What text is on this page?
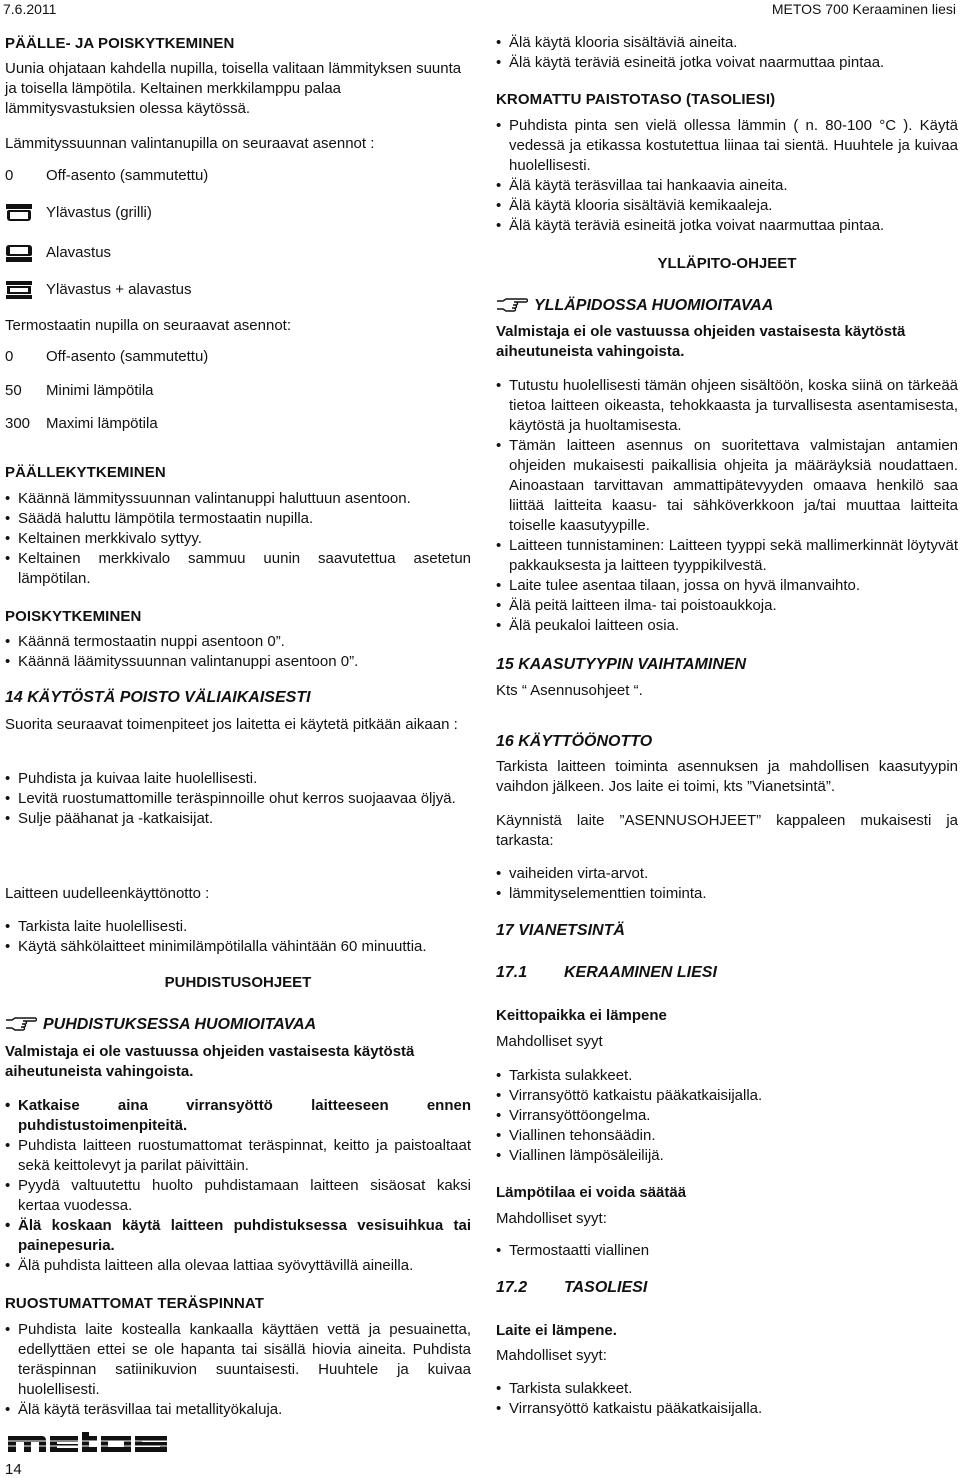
7.6.2011	METOS 700 Keraaminen liesi
PÄÄLLE- JA POISKYTKEMINEN
Uunia ohjataan kahdella nupilla, toisella valitaan lämmityksen suunta ja toisella lämpötila. Keltainen merkkilamppu palaa lämmitysvastuksien olessa käytössä.
Lämmityssuunnan valintanupilla on seuraavat asennot :
0 Off-asento (sammutettu)
Ylävastus (grilli)
Alavastus
Ylävastus + alavastus
Termostaatin nupilla on seuraavat asennot:
0 Off-asento (sammutettu)
50 Minimi lämpötila
300 Maximi lämpötila
PÄÄLLEKYTKEMINEN
• Käännä lämmityssuunnan valintanuppi haluttuun asentoon.
• Säädä haluttu lämpötila termostaatin nupilla.
• Keltainen merkkivalo syttyy.
• Keltainen merkkivalo sammuu uunin saavutettua asetetun lämpötilan.
POISKYTKEMINEN
• Käännä termostaatin nuppi asentoon 0”.
• Käännä läämityssuunnan valintanuppi asentoon 0”.
14 KÄYTÖSTÄ POISTO VÄLIAIKAISESTI
Suorita seuraavat toimenpiteet jos laitetta ei käytetä pitkään aikaan :
• Puhdista ja kuivaa laite huolellisesti.
• Levitä ruostumattomille teräspinnoille ohut kerros suojaavaa öljyä.
• Sulje päähanat ja -katkaisijat.
Laitteen uudelleenkäyttönotto :
• Tarkista laite huolellisesti.
• Käytä sähkölaitteet minimilämpötilalla vähintään 60 minuuttia.
PUHDISTUSOHJEET
PUHDISTUKSESSA HUOMIOITAVAA
Valmistaja ei ole vastuussa ohjeiden vastaisesta käytöstä aiheutuneista vahingoista.
• Katkaise aina virransyöttö laitteeseen ennen puhdistustoimenpiteitä.
• Puhdista laitteen ruostumattomat teräspinnat, keitto ja paistoaltaat sekä keittolevyt ja parilat päivittäin.
• Pyydä valtuutettu huolto puhdistamaan laitteen sisäosat kaksi kertaa vuodessa.
• Älä koskaan käytä laitteen puhdistuksessa vesisuihkua tai painepesuria.
• Älä puhdista laitteen alla olevaa lattiaa syövyttävillä aineilla.
RUOSTUMATTOMAT TERÄSPINNAT
• Puhdista laite kostealla kankaalla käyttäen vettä ja pesuainetta, edellyttäen ettei se ole hapanta tai sisällä hiovia aineita. Puhdista teräspinnan satiinikuvion suuntaisesti. Huuhtele ja kuivaa huolellisesti.
• Älä käytä teräsvillaa tai metallityökaluja.
• Älä käytä klooria sisältäviä aineita.
• Älä käytä teräviä esineitä jotka voivat naarmuttaa pintaa.
KROMATTU PAISTOTASO (TASOLIESI)
• Puhdista pinta sen vielä ollessa lämmin ( n. 80-100 °C ). Käytä vedessä ja etikassa kostutettua liinaa tai sientä. Huuhtele ja kuivaa huolellisesti.
• Älä käytä teräsvillaa tai hankaavia aineita.
• Älä käytä klooria sisältäviä kemikaaleja.
• Älä käytä teräviä esineitä jotka voivat naarmuttaa pintaa.
YLLÄPITO-OHJEET
YLLÄPIDOSSA HUOMIOITAVAA
Valmistaja ei ole vastuussa ohjeiden vastaisesta käytöstä aiheutuneista vahingoista.
• Tutustu huolellisesti tämän ohjeen sisältöön, koska siinä on tärkeää tietoa laitteen oikeasta, tehokkaasta ja turvallisesta asentamisesta, käytöstä ja huoltamisesta.
• Tämän laitteen asennus on suoritettava valmistajan antamien ohjeiden mukaisesti paikallisia ohjeita ja määräyksiä noudattaen. Ainoastaan tarvittavan ammattipätevyyden omaava henkilö saa liittää laitteita kaasu- tai sähköverkkoon ja/tai muuttaa laitteita toiselle kaasutyypille.
• Laitteen tunnistaminen: Laitteen tyyppi sekä mallimerkinnät löytyvät pakkauksesta ja laitteen tyyppikilvestä.
• Laite tulee asentaa tilaan, jossa on hyvä ilmanvaihto.
• Älä peitä laitteen ilma- tai poistoaukkoja.
• Älä peukaloi laitteen osia.
15 KAASUTYYPIN VAIHTAMINEN
Kts “ Asennusohjeet “.
16 KÄYTTÖÖNOTTO
Tarkista laitteen toiminta asennuksen ja mahdollisen kaasutyypin vaihdon jälkeen. Jos laite ei toimi, kts ”Vianetsintä”.
Käynnistä laite ”ASENNUSOHJEET” kappaleen mukaisesti ja tarkasta:
• vaiheiden virta-arvot.
• lämmityselementtien toiminta.
17 VIANETSINTÄ
17.1 KERAAMINEN LIESI
Keittopaikka ei lämpene
Mahdolliset syyt
• Tarkista sulakkeet.
• Virransyöttö katkaistu pääkatkaisijalla.
• Virransyöttöongelma.
• Viallinen tehonsäädin.
• Viallinen lämpösäleilijä.
Lämpötilaa ei voida säätää
Mahdolliset syyt:
• Termostaatti viallinen
17.2 TASOLIESI
Laite ei lämpene.
Mahdolliset syyt:
• Tarkista sulakkeet.
• Virransyöttö katkaistu pääkatkaisijalla.
14
